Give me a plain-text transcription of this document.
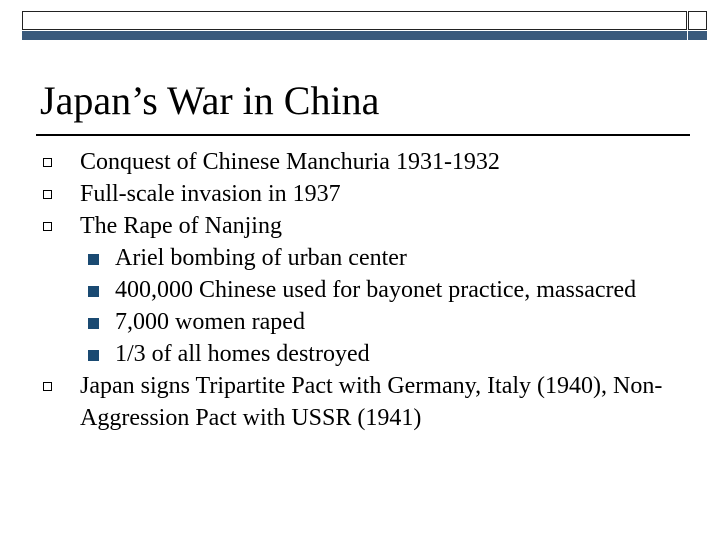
Japan’s War in China
Conquest of Chinese Manchuria 1931-1932
Full-scale invasion in 1937
The Rape of Nanjing
Ariel bombing of urban center
400,000 Chinese used for bayonet practice, massacred
7,000 women raped
1/3 of all homes destroyed
Japan signs Tripartite Pact with Germany, Italy (1940), Non-Aggression Pact with USSR (1941)
